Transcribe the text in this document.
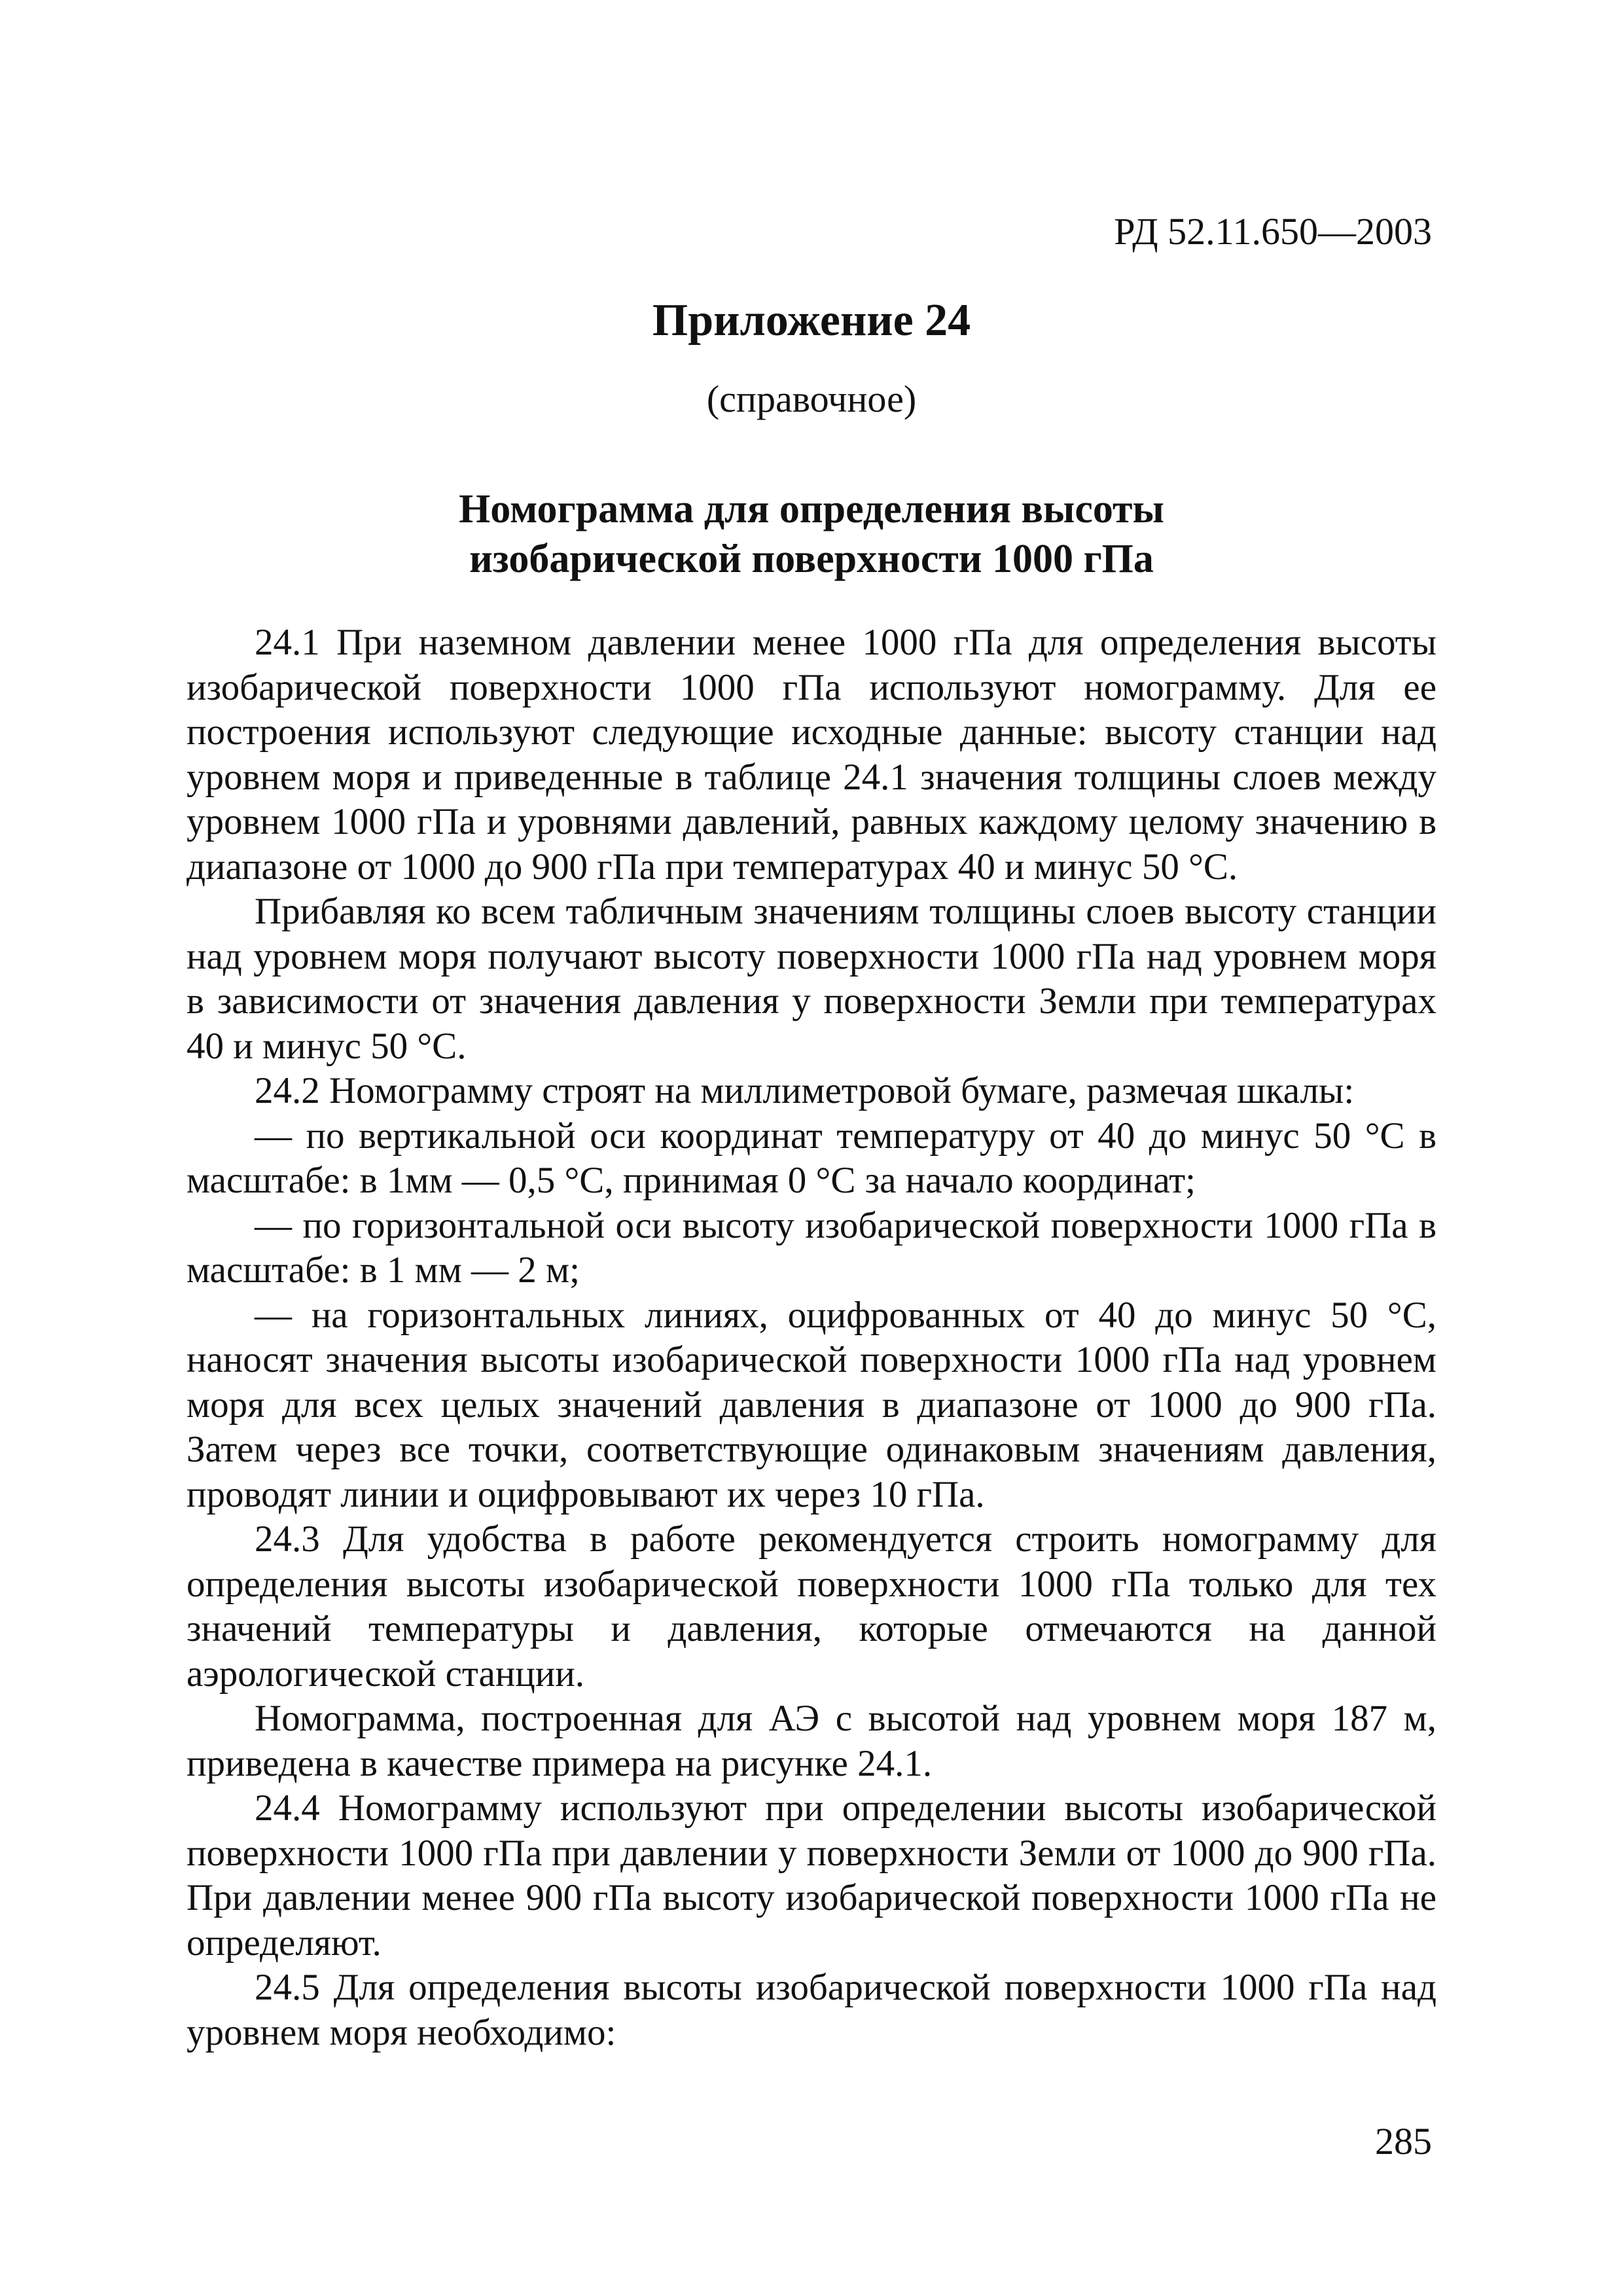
РД 52.11.650—2003
Приложение 24
(справочное)
Номограмма для определения высоты
изобарической поверхности 1000 гПа

24.1 При наземном давлении менее 1000 гПа для определения высоты изобарической поверхности 1000 гПа используют номограмму. Для ее построения используют следующие исходные данные: высоту станции над уровнем моря и приведенные в таблице 24.1 значения толщины слоев между уровнем 1000 гПа и уровнями давлений, равных каждому целому значению в диапазоне от 1000 до 900 гПа при температурах 40 и минус 50 °С.

Прибавляя ко всем табличным значениям толщины слоев высоту станции над уровнем моря получают высоту поверхности 1000 гПа над уровнем моря в зависимости от значения давления у поверхности Земли при температурах 40 и минус 50 °С.

24.2 Номограмму строят на миллиметровой бумаге, размечая шкалы:

— по вертикальной оси координат температуру от 40 до минус 50 °С в масштабе: в 1мм — 0,5 °С, принимая 0 °С за начало координат;

— по горизонтальной оси высоту изобарической поверхности 1000 гПа в масштабе: в 1 мм — 2 м;

— на горизонтальных линиях, оцифрованных от 40 до минус 50 °С, наносят значения высоты изобарической поверхности 1000 гПа над уровнем моря для всех целых значений давления в диапазоне от 1000 до 900 гПа. Затем через все точки, соответствующие одинаковым значениям давления, проводят линии и оцифровывают их через 10 гПа.

24.3 Для удобства в работе рекомендуется строить номограмму для определения высоты изобарической поверхности 1000 гПа только для тех значений температуры и давления, которые отмечаются на данной аэрологической станции.

Номограмма, построенная для АЭ с высотой над уровнем моря 187 м, приведена в качестве примера на рисунке 24.1.

24.4 Номограмму используют при определении высоты изобарической поверхности 1000 гПа при давлении у поверхности Земли от 1000 до 900 гПа. При давлении менее 900 гПа высоту изобарической поверхности 1000 гПа не определяют.

24.5 Для определения высоты изобарической поверхности 1000 гПа над уровнем моря необходимо:

285
